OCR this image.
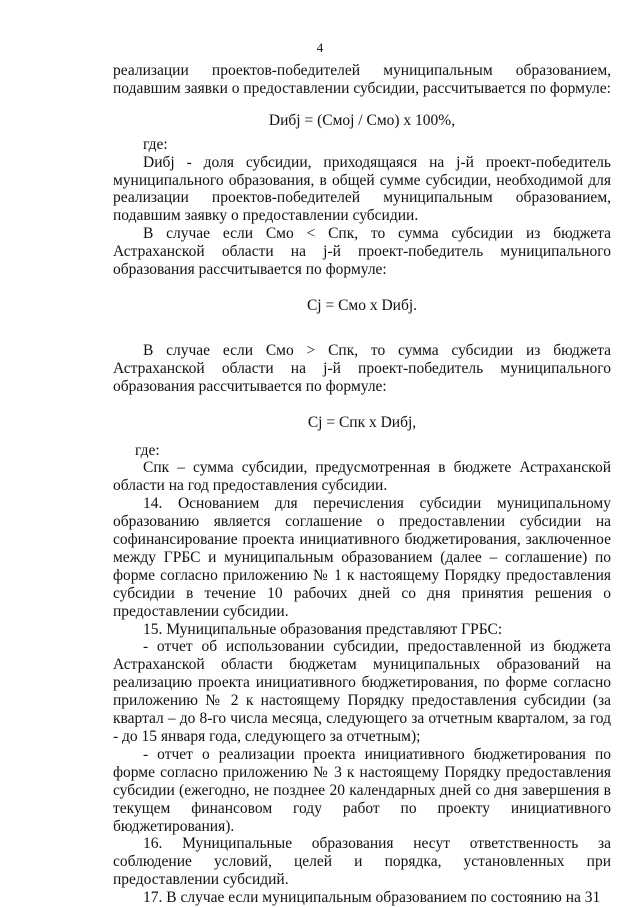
4

реализации проектов-победителей муниципальным образованием, подавшим заявки о предоставлении субсидии, рассчитывается по формуле:

Dибj = (Cмoj / Cмо) х 100%,

где:

Dибj - доля субсидии, приходящаяся на j-й проект-победитель муниципального образования, в общей сумме субсидии, необходимой для реализации проектов-победителей муниципальным образованием, подавшим заявку о предоставлении субсидии.

В случае если Смо < Спк, то сумма субсидии из бюджета Астраханской области на j-й проект-победитель муниципального образования рассчитывается по формуле:

Cj = Cмо х Dибj.

В случае если Смо > Спк, то сумма субсидии из бюджета Астраханской области на j-й проект-победитель муниципального образования рассчитывается по формуле:

Cj = Cпк х Dибj,

где:

Спк – сумма субсидии, предусмотренная в бюджете Астраханской области на год предоставления субсидии.

14. Основанием для перечисления субсидии муниципальному образованию является соглашение о предоставлении субсидии на софинансирование проекта инициативного бюджетирования, заключенное между ГРБС и муниципальным образованием (далее – соглашение) по форме согласно приложению № 1 к настоящему Порядку предоставления субсидии в течение 10 рабочих дней со дня принятия решения о предоставлении субсидии.

15. Муниципальные образования представляют ГРБС:

- отчет об использовании субсидии, предоставленной из бюджета Астраханской области бюджетам муниципальных образований на реализацию проекта инициативного бюджетирования, по форме согласно приложению № 2 к настоящему Порядку предоставления субсидии (за квартал – до 8-го числа месяца, следующего за отчетным кварталом, за год - до 15 января года, следующего за отчетным);

- отчет о реализации проекта инициативного бюджетирования по форме согласно приложению № 3 к настоящему Порядку предоставления субсидии (ежегодно, не позднее 20 календарных дней со дня завершения в текущем финансовом году работ по проекту инициативного бюджетирования).

16. Муниципальные образования несут ответственность за соблюдение условий, целей и порядка, установленных при предоставлении субсидий.

17. В случае если муниципальным образованием по состоянию на 31
